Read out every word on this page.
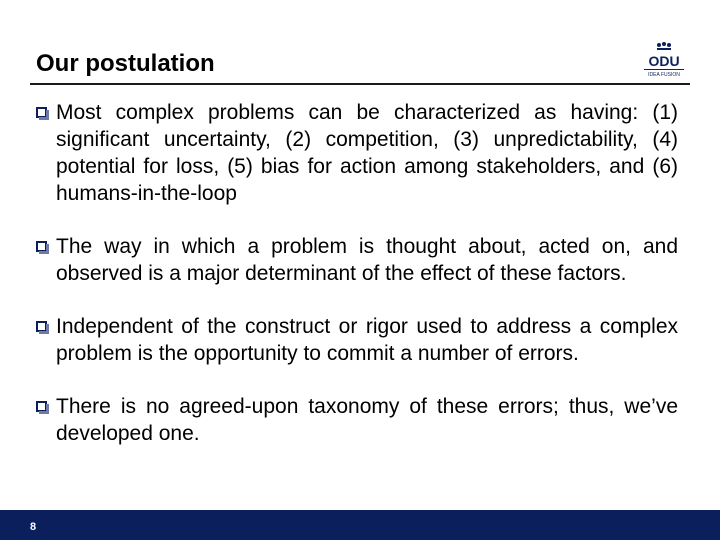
Our postulation	ODU
IDEA FUSION
Most complex problems can be characterized as having: (1) significant uncertainty, (2) competition, (3) unpredictability, (4) potential for loss, (5) bias for action among stakeholders, and (6) humans-in-the-loop
The way in which a problem is thought about, acted on, and observed is a major determinant of the effect of these factors.
Independent of the construct or rigor used to address a complex problem is the opportunity to commit a number of errors.
There is no agreed-upon taxonomy of these errors; thus, we’ve developed one.
8
